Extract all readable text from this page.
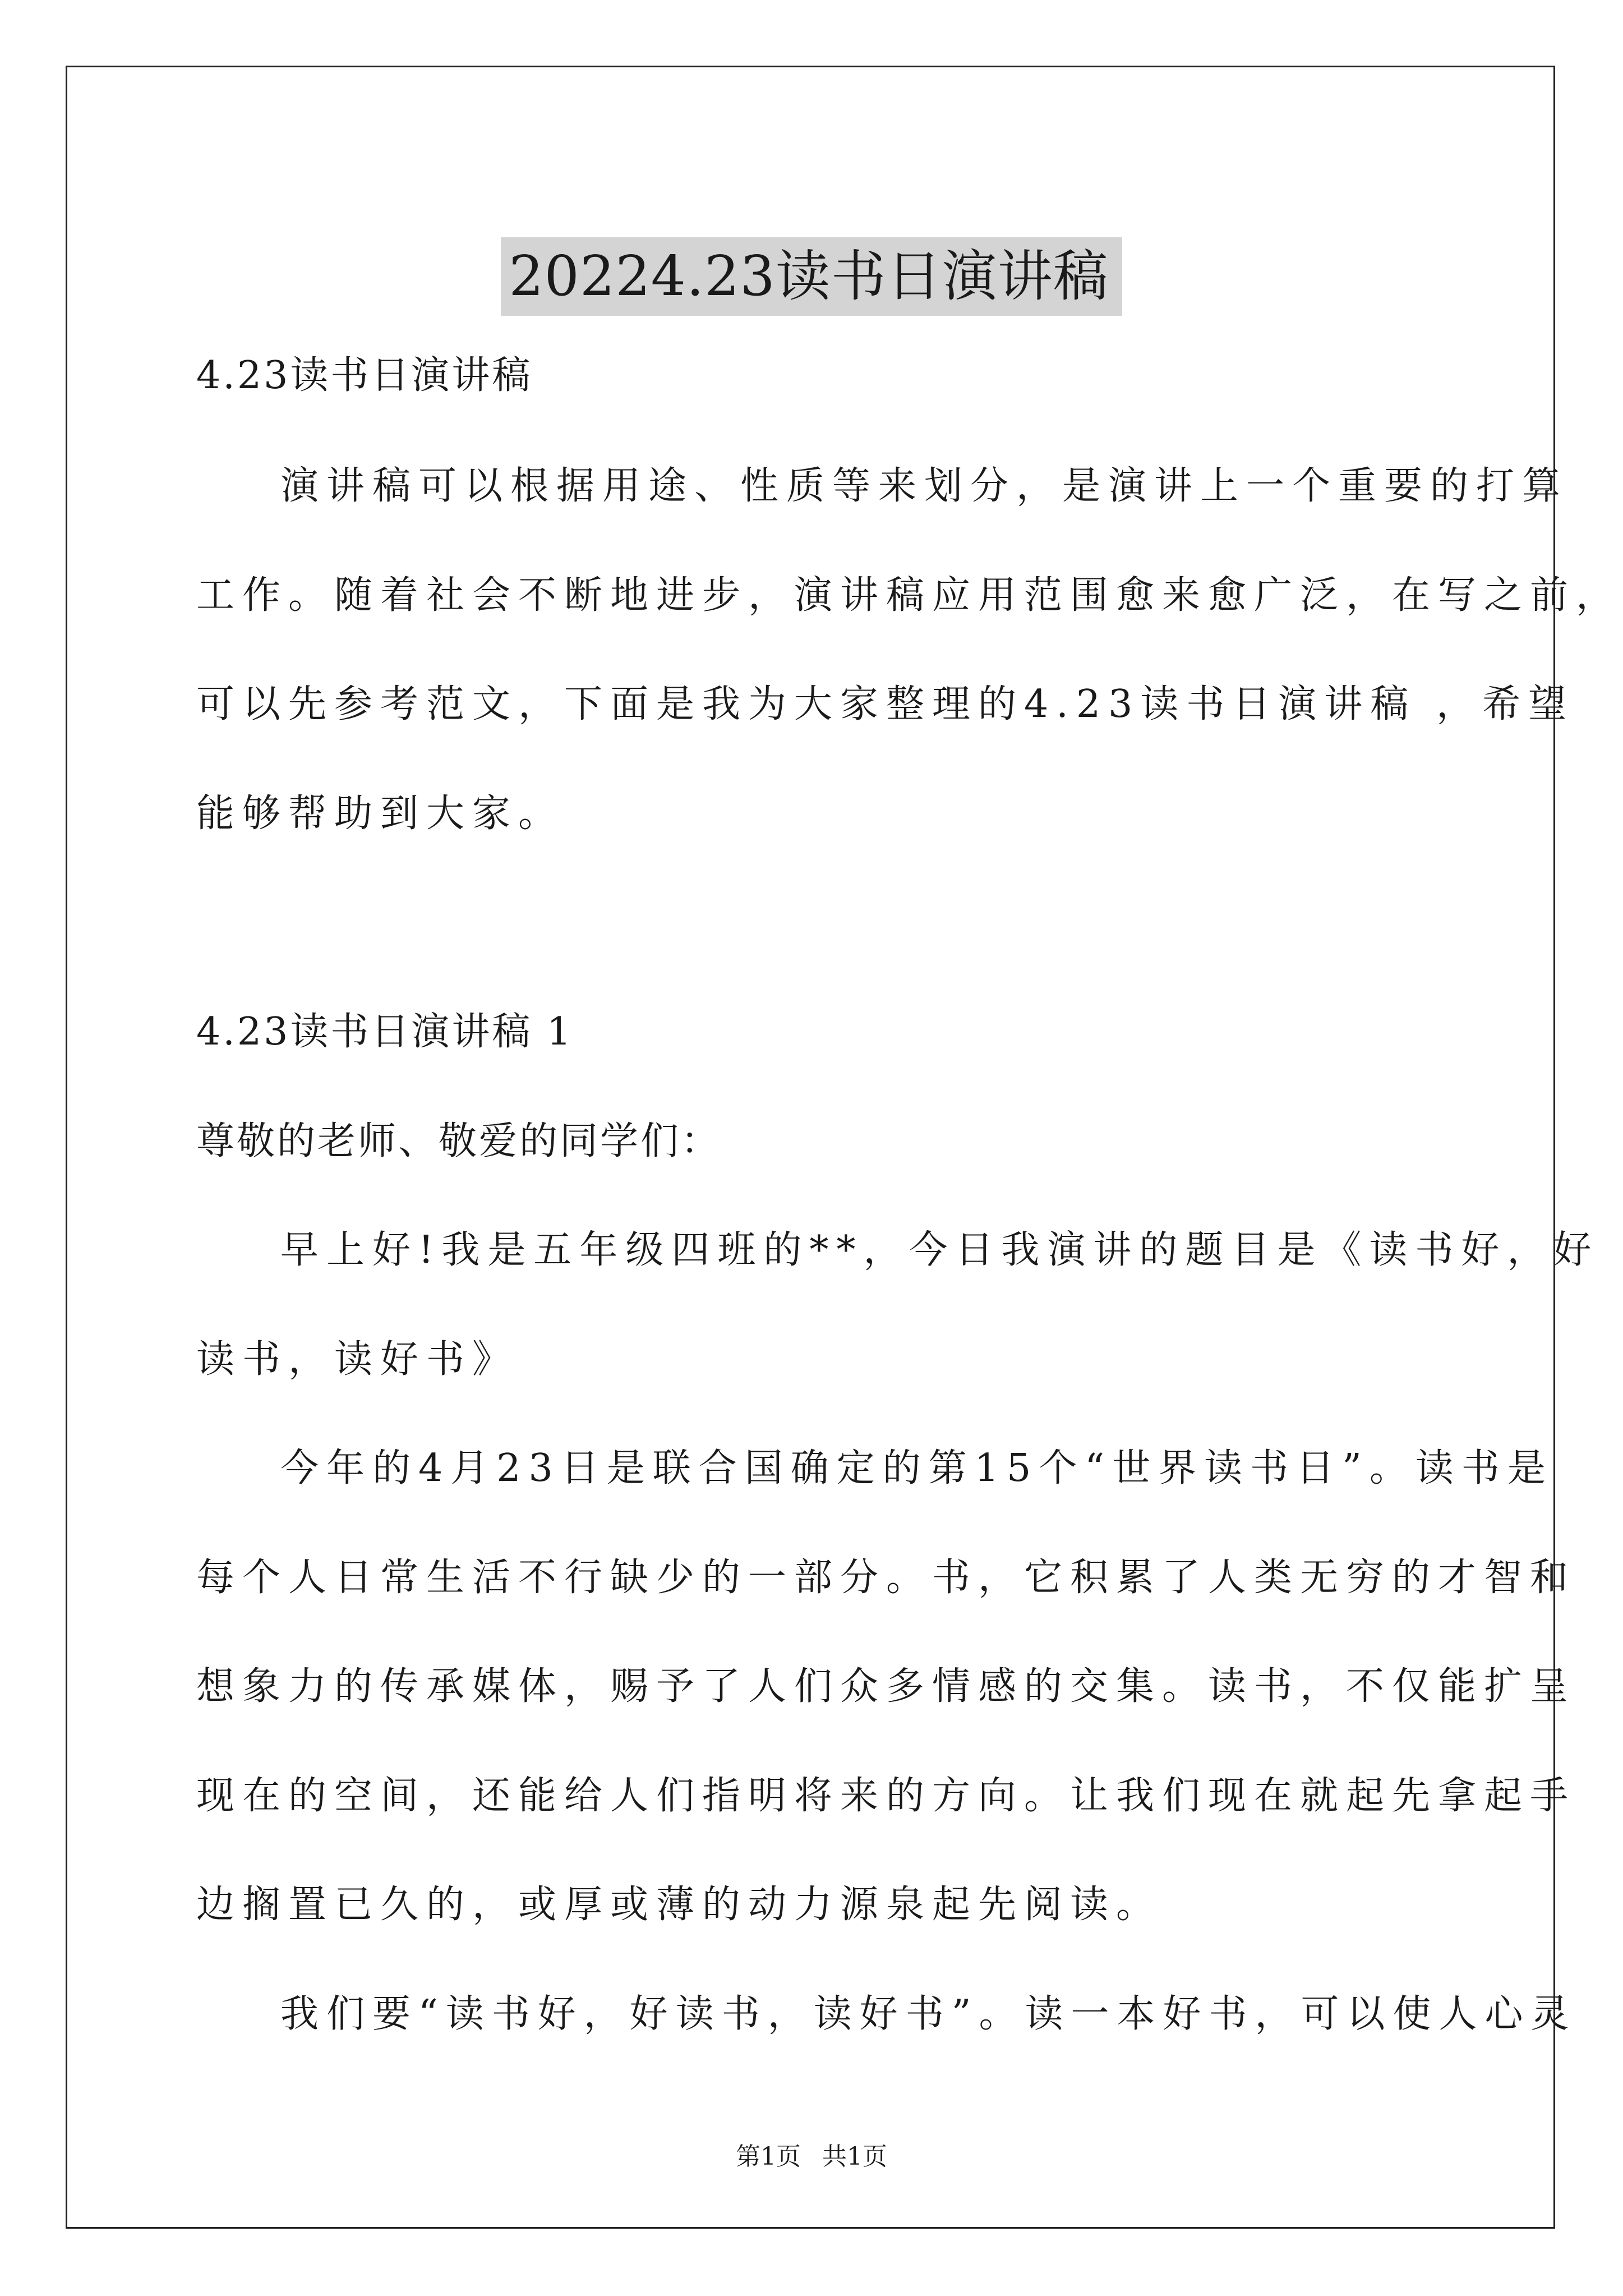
20224.23读书日演讲稿
4.23读书日演讲稿
演讲稿可以根据用途、性质等来划分，是演讲上一个重要的打算
工作。随着社会不断地进步，演讲稿应用范围愈来愈广泛，在写之前，
可以先参考范文，下面是我为大家整理的4.23读书日演讲稿 ，希望
能够帮助到大家。
4.23读书日演讲稿 1
尊敬的老师、敬爱的同学们：
早上好!我是五年级四班的**，今日我演讲的题目是《读书好，好
读书，读好书》
今年的4月23日是联合国确定的第15个“世界读书日”。读书是
每个人日常生活不行缺少的一部分。书，它积累了人类无穷的才智和
想象力的传承媒体，赐予了人们众多情感的交集。读书，不仅能扩呈
现在的空间，还能给人们指明将来的方向。让我们现在就起先拿起手
边搁置已久的，或厚或薄的动力源泉起先阅读。
我们要“读书好，好读书，读好书”。读一本好书，可以使人心灵
第1页 共1页
